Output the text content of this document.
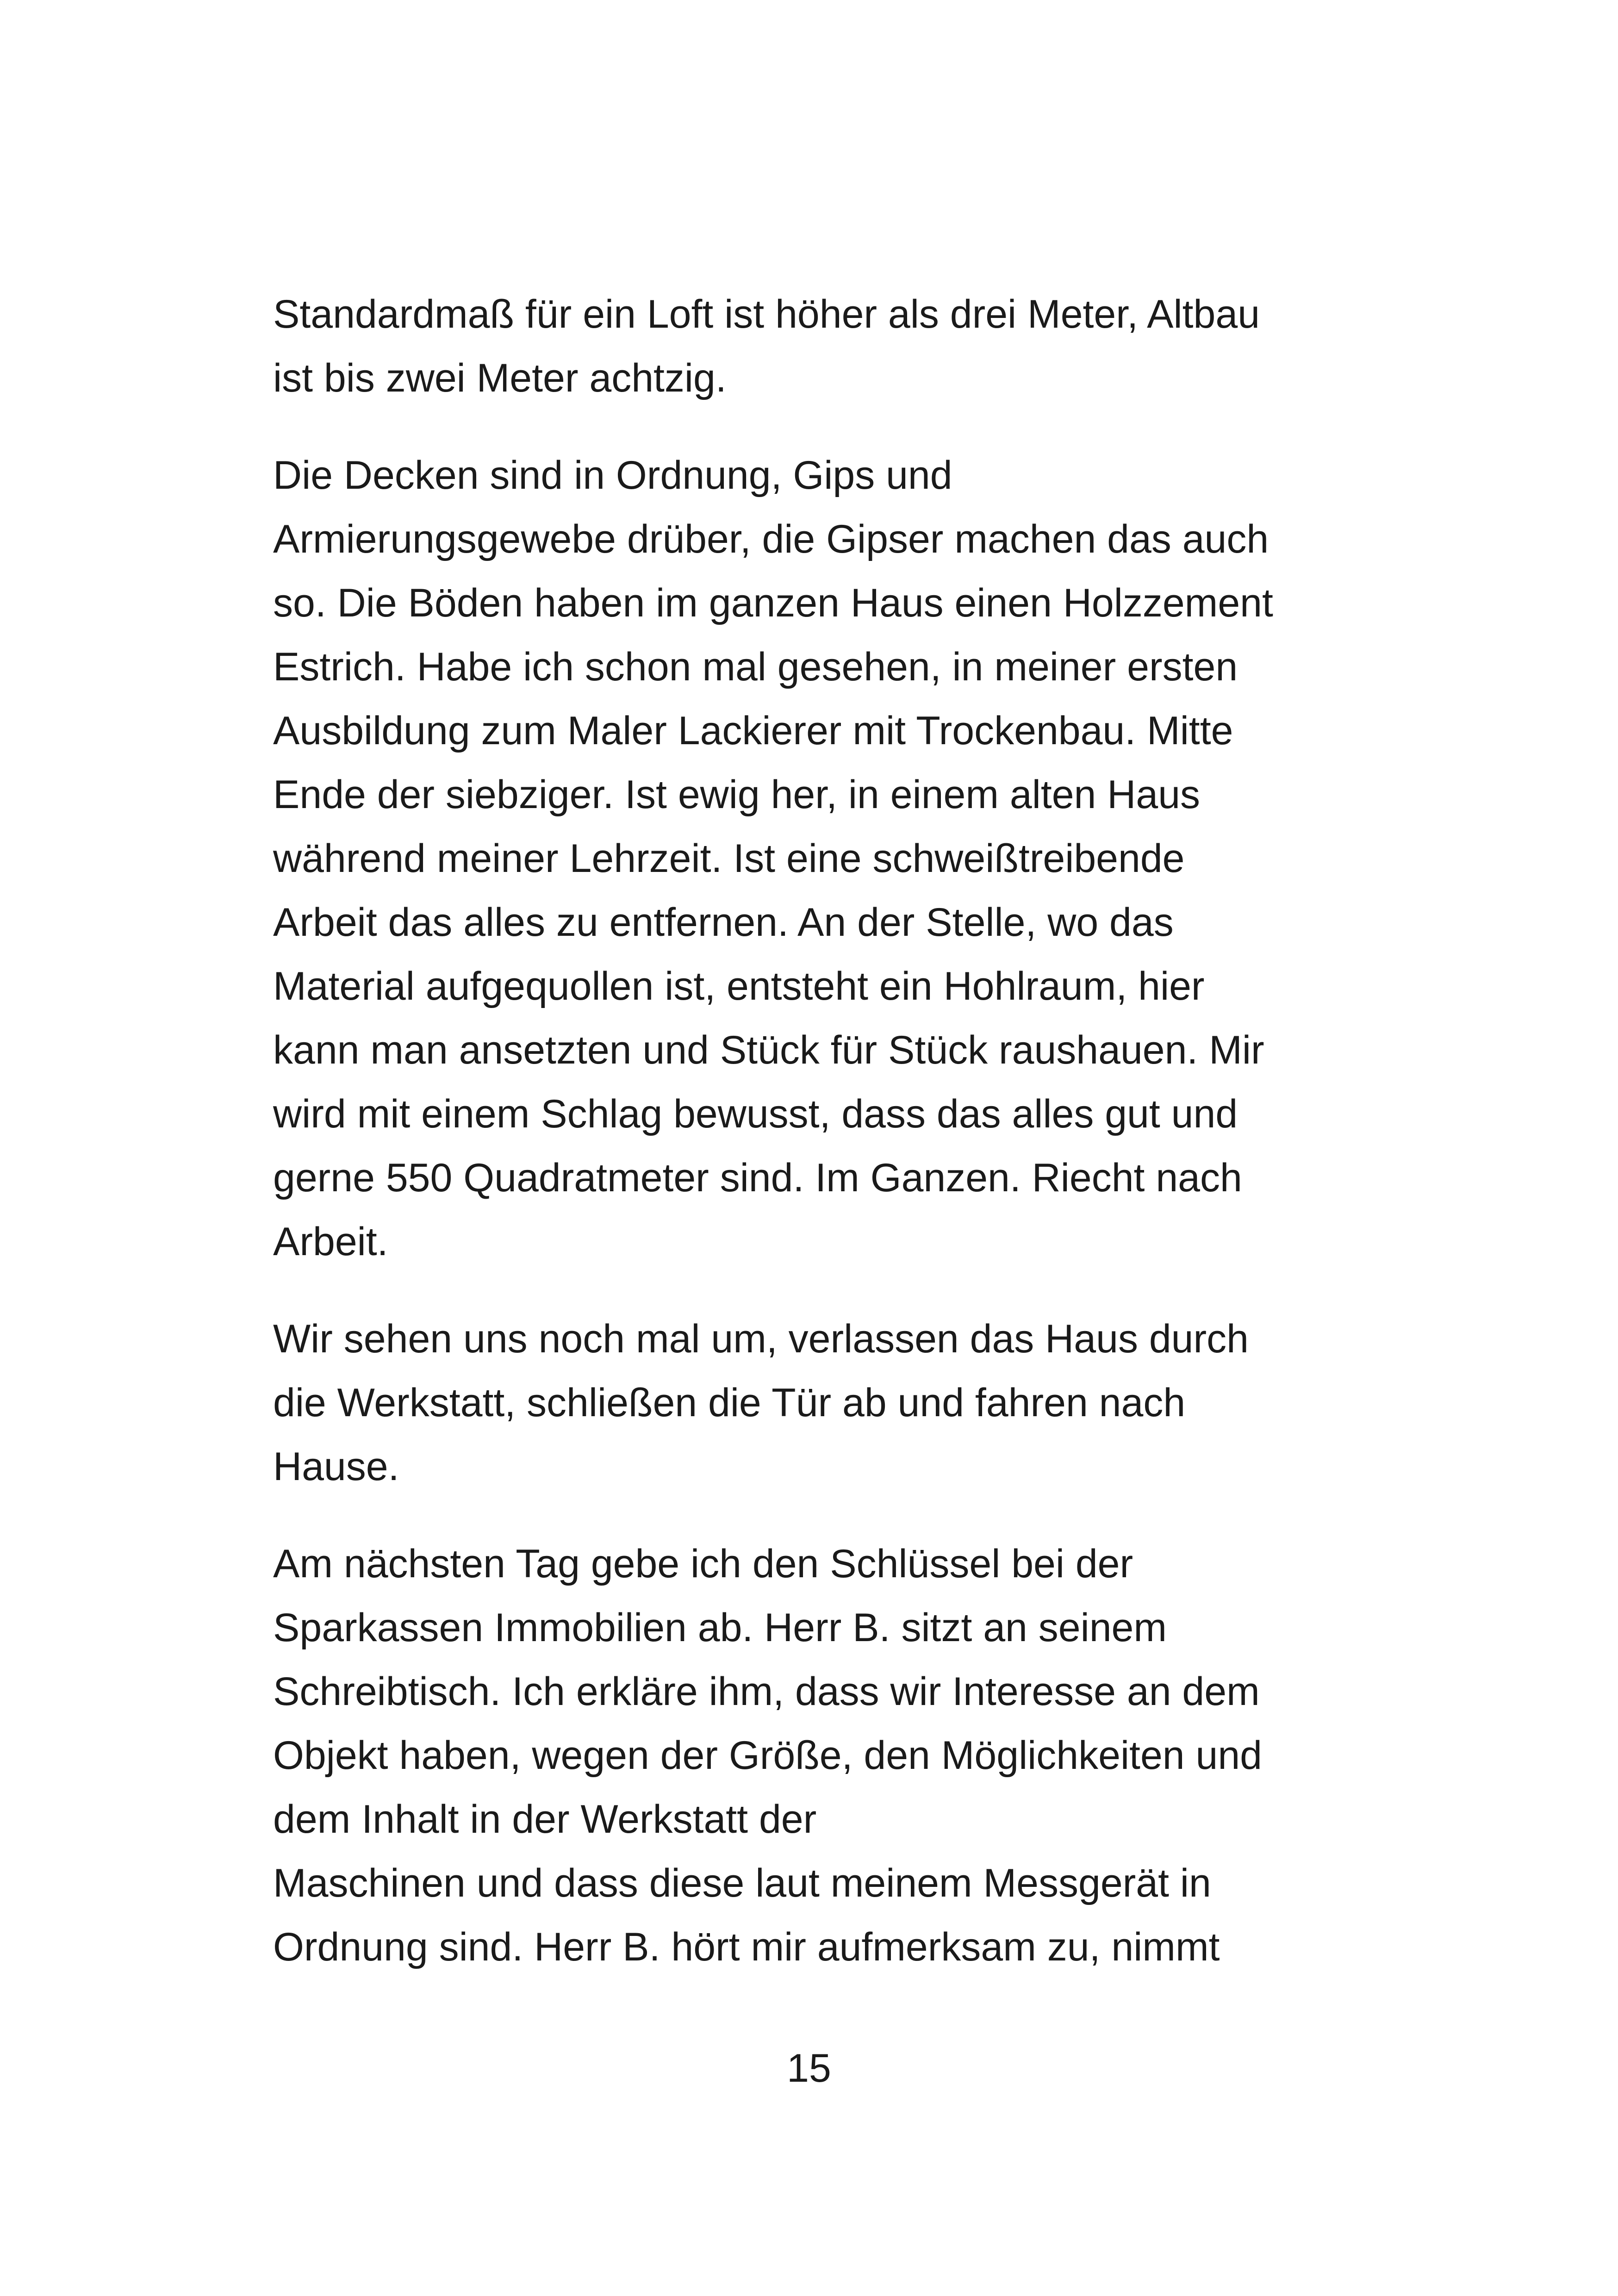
Standardmaß für ein Loft ist höher als drei Meter, Altbau
ist bis zwei Meter achtzig.

Die Decken sind in Ordnung, Gips und
Armierungsgewebe drüber, die Gipser machen das auch
so. Die Böden haben im ganzen Haus einen Holzzement
Estrich. Habe ich schon mal gesehen, in meiner ersten
Ausbildung zum Maler Lackierer mit Trockenbau. Mitte
Ende der siebziger. Ist ewig her, in einem alten Haus
während meiner Lehrzeit. Ist eine schweißtreibende
Arbeit das alles zu entfernen. An der Stelle, wo das
Material aufgequollen ist, entsteht ein Hohlraum, hier
kann man ansetzten und Stück für Stück raushauen. Mir
wird mit einem Schlag bewusst, dass das alles gut und
gerne 550 Quadratmeter sind. Im Ganzen. Riecht nach
Arbeit.

Wir sehen uns noch mal um, verlassen das Haus durch
die Werkstatt, schließen die Tür ab und fahren nach
Hause.

Am nächsten Tag gebe ich den Schlüssel bei der
Sparkassen Immobilien ab. Herr B. sitzt an seinem
Schreibtisch. Ich erkläre ihm, dass wir Interesse an dem
Objekt haben, wegen der Größe, den Möglichkeiten und
dem Inhalt in der Werkstatt der
Maschinen und dass diese laut meinem Messgerät in
Ordnung sind. Herr B. hört mir aufmerksam zu, nimmt

15
